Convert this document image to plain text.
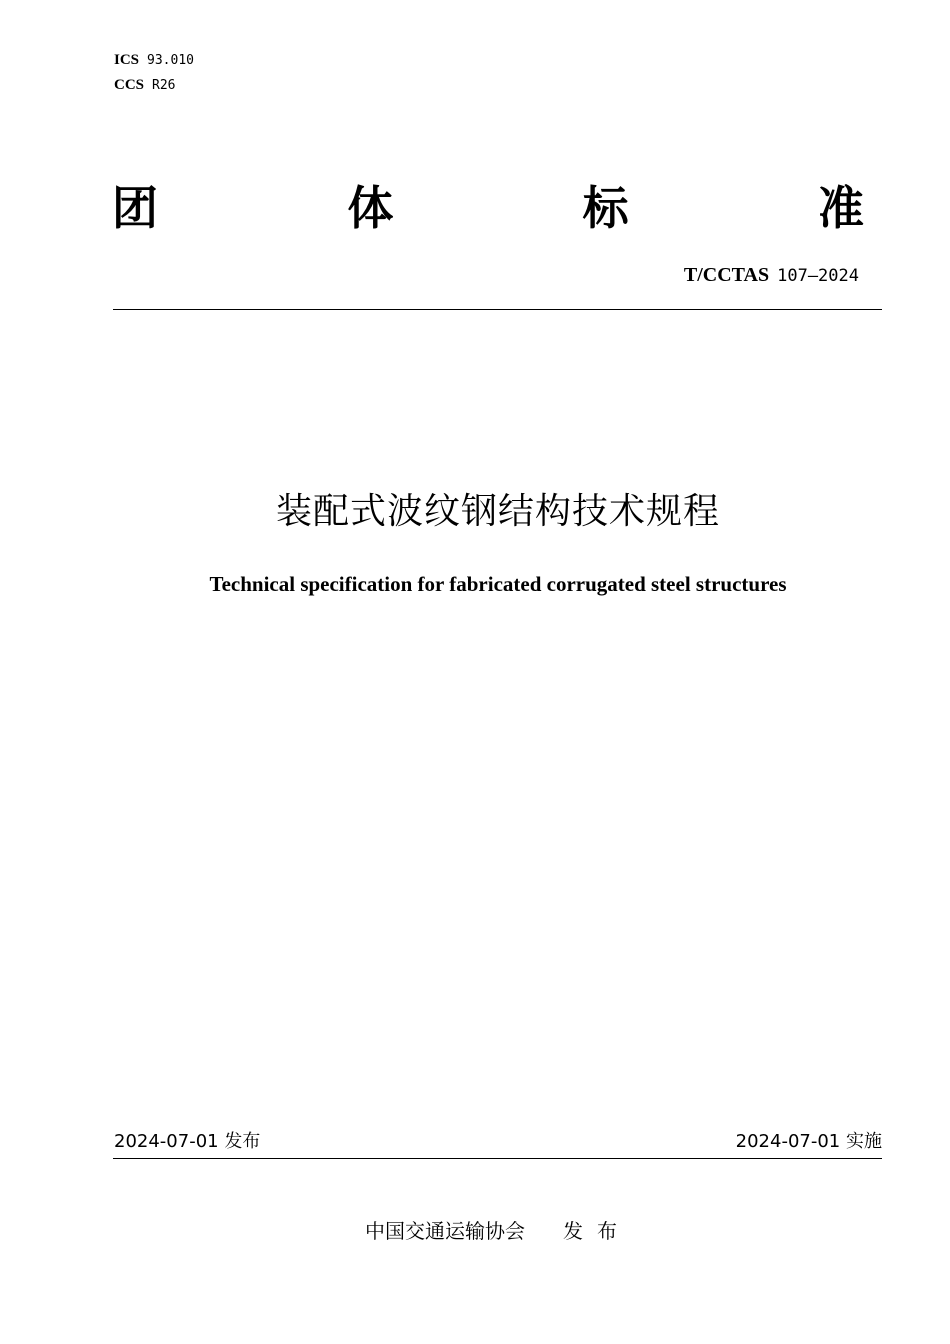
ICS 93.010
CCS R26
团	体	标	准
T/CCTAS 107—2024
装配式波纹钢结构技术规程
Technical specification for fabricated corrugated steel structures
2024-07-01 发布	2024-07-01 实施
中国交通运输协会 发布
